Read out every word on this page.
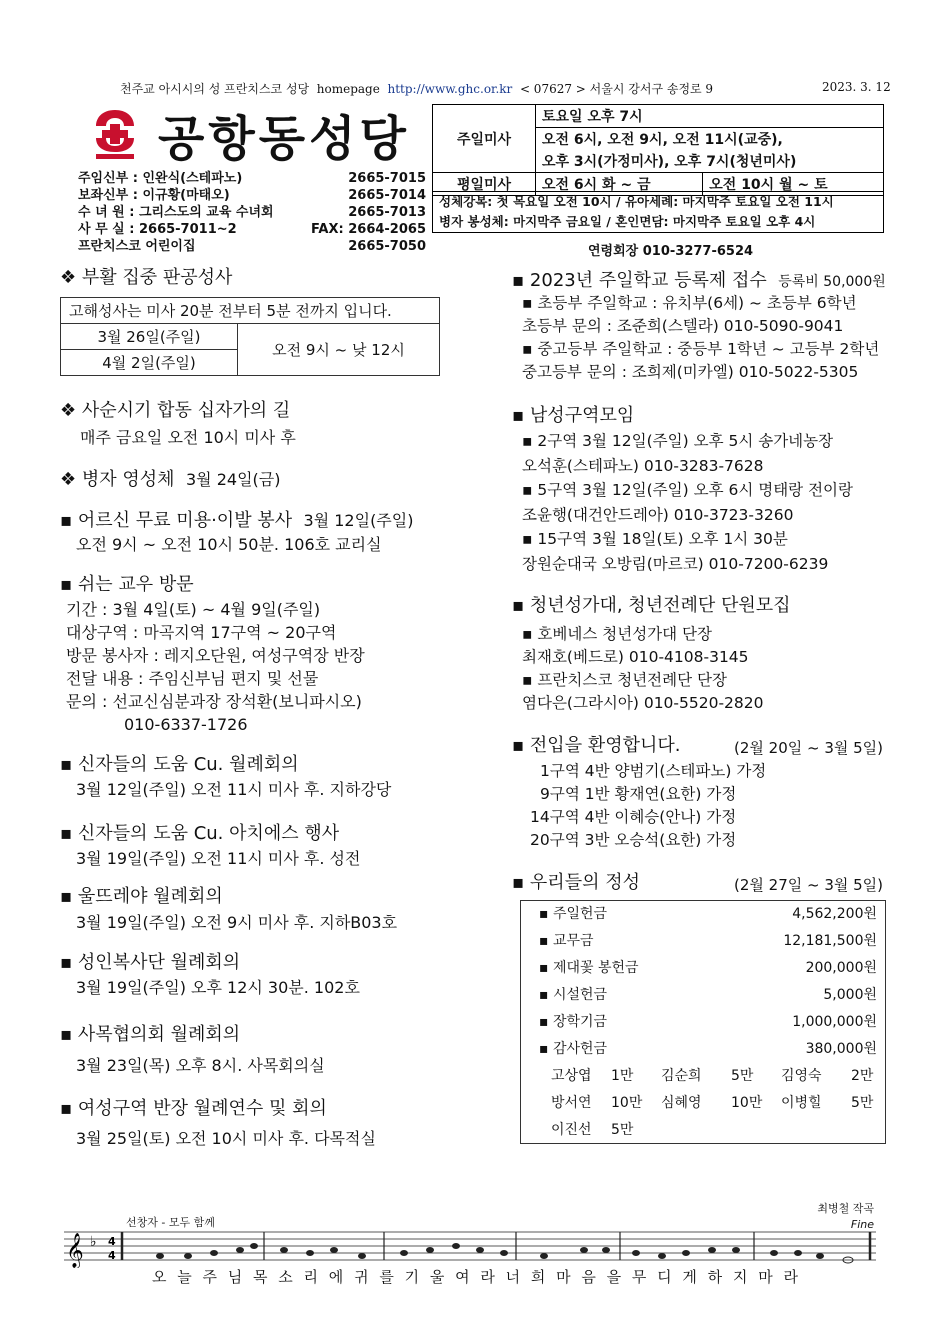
천주교 아시시의 성 프란치스코 성당 homepage http://www.ghc.or.kr < 07627 > 서울시 강서구 송정로 9	2023. 3. 12
공항동성당
주임신부 : 인완식(스테파노)	2665-7015
보좌신부 : 이규황(마태오)	2665-7014
수 녀 원 : 그리스도의 교육 수녀회	2665-7013
사 무 실 : 2665-7011~2	FAX: 2664-2065
프란치스코 어린이집	2665-7050
주일미사	토요일 오후 7시	
	오전 6시, 오전 9시, 오전 11시(교중),	
	오후 3시(가정미사), 오후 7시(청년미사)	
평일미사	오전 6시 화 ~ 금	오전 10시 월 ~ 토
성체강복: 첫 목요일 오전 10시 / 유아세례: 마지막주 토요일 오전 11시
병자 봉성체: 마지막주 금요일 / 혼인면담: 마지막주 토요일 오후 4시
연령회장 010-3277-6524
❖ 부활 집중 판공성사
고해성사는 미사 20분 전부터 5분 전까지 입니다.
3월 26일(주일)	오전 9시 ~ 낮 12시
4월 2일(주일)
❖ 사순시기 합동 십자가의 길
매주 금요일 오전 10시 미사 후
❖ 병자 영성체 3월 24일(금)
▪ 어르신 무료 미용·이발 봉사 3월 12일(주일)
오전 9시 ~ 오전 10시 50분. 106호 교리실
▪ 쉬는 교우 방문
기간 : 3월 4일(토) ~ 4월 9일(주일)
대상구역 : 마곡지역 17구역 ~ 20구역
방문 봉사자 : 레지오단원, 여성구역장 반장
전달 내용 : 주임신부님 편지 및 선물
문의 : 선교신심분과장 장석환(보니파시오)
010-6337-1726
▪ 신자들의 도움 Cu. 월례회의
3월 12일(주일) 오전 11시 미사 후. 지하강당
▪ 신자들의 도움 Cu. 아치에스 행사
3월 19일(주일) 오전 11시 미사 후. 성전
▪ 울뜨레야 월례회의
3월 19일(주일) 오전 9시 미사 후. 지하B03호
▪ 성인복사단 월례회의
3월 19일(주일) 오후 12시 30분. 102호
▪ 사목협의회 월례회의
3월 23일(목) 오후 8시. 사목회의실
▪ 여성구역 반장 월례연수 및 회의
3월 25일(토) 오전 10시 미사 후. 다목적실
▪ 2023년 주일학교 등록제 접수 등록비 50,000원
▪ 초등부 주일학교 : 유치부(6세) ~ 초등부 6학년
초등부 문의 : 조준희(스텔라) 010-5090-9041
▪ 중고등부 주일학교 : 중등부 1학년 ~ 고등부 2학년
중고등부 문의 : 조희제(미카엘) 010-5022-5305
▪ 남성구역모임
▪ 2구역 3월 12일(주일) 오후 5시 송가네농장
오석훈(스테파노) 010-3283-7628
▪ 5구역 3월 12일(주일) 오후 6시 명태랑 전이랑
조윤행(대건안드레아) 010-3723-3260
▪ 15구역 3월 18일(토) 오후 1시 30분
장원순대국 오방림(마르코) 010-7200-6239
▪ 청년성가대, 청년전례단 단원모집
▪ 호베네스 청년성가대 단장
최재호(베드로) 010-4108-3145
▪ 프란치스코 청년전례단 단장
염다은(그라시아) 010-5520-2820
▪ 전입을 환영합니다.	(2월 20일 ~ 3월 5일)
1구역 4반 양범기(스테파노) 가정
9구역 1반 황재연(요한) 가정
14구역 4반 이혜승(안나) 가정
20구역 3반 오승석(요한) 가정
▪ 우리들의 정성	(2월 27일 ~ 3월 5일)
▪ 주일헌금	4,562,200원
▪ 교무금	12,181,500원
▪ 제대꽃 봉헌금	200,000원
▪ 시설헌금	5,000원
▪ 장학기금	1,000,000원
▪ 감사헌금	380,000원
고상엽	1만	김순희	5만	김영숙	2만
방서연	10만	심혜영	10만	이병힐	5만
이진선	5만
최병철 작곡
선창자 - 모두 함께	Fine
𝄞 ♭ 4
4
오 늘 주 님 목 소 리 에 귀 를 기 울 여 라 너 희 마 음 을 무 디 게 하 지 마 라
